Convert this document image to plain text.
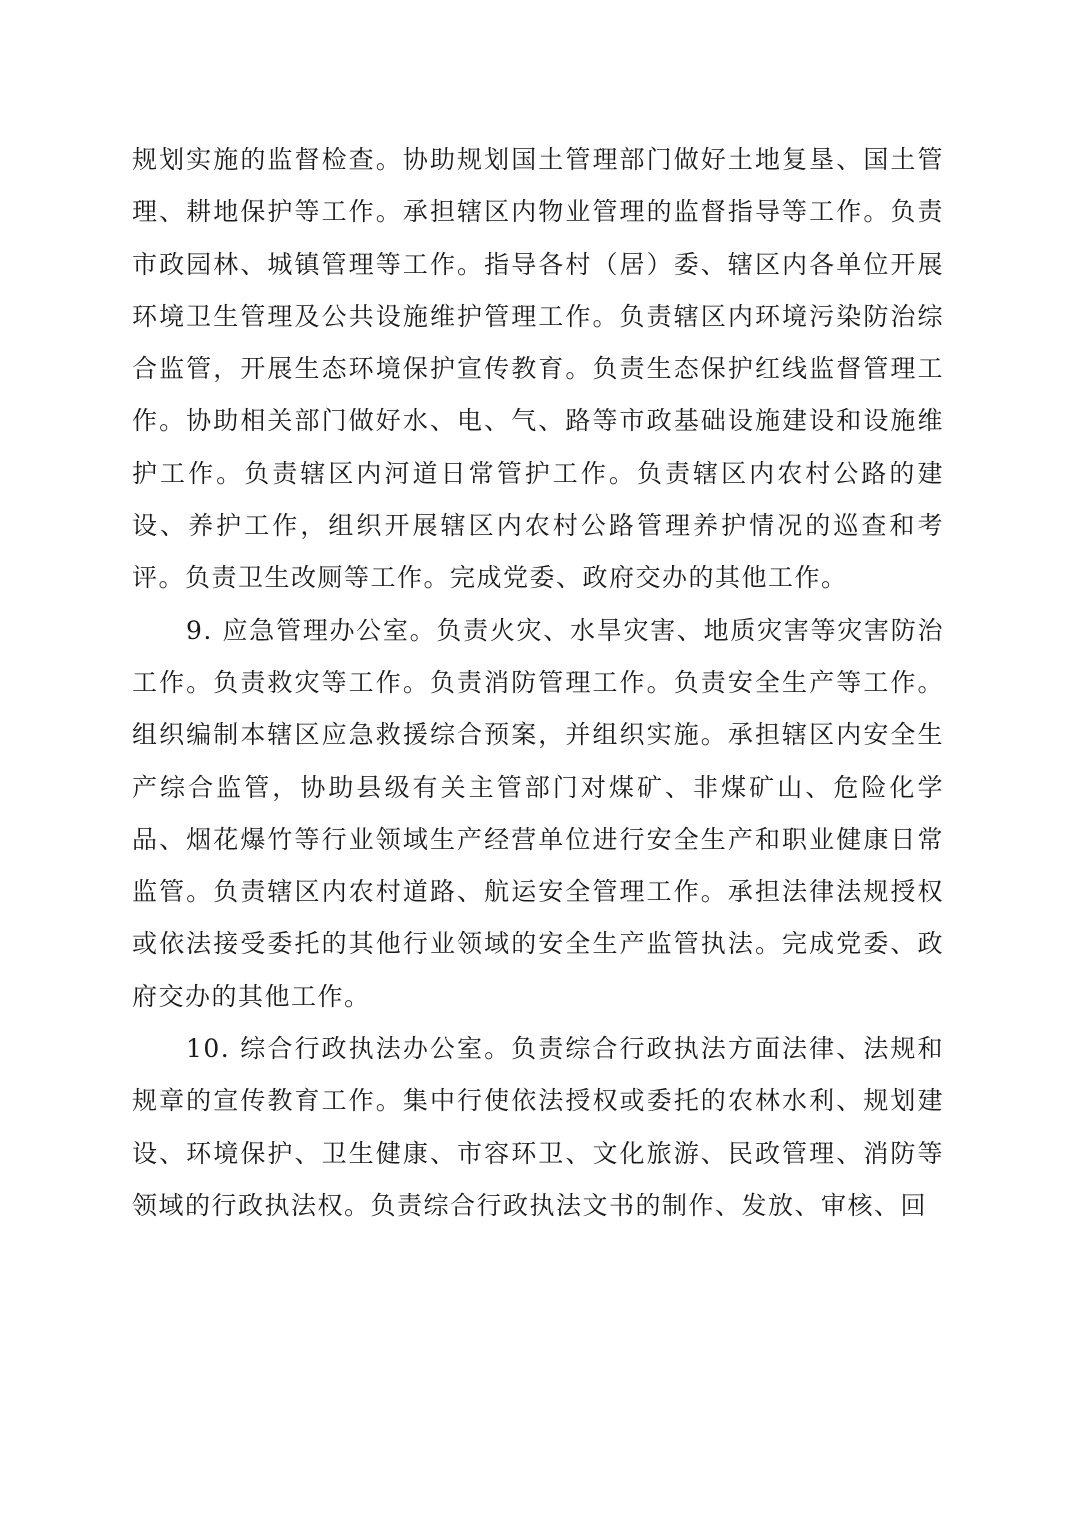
规划实施的监督检查。协助规划国土管理部门做好土地复垦、国土管理、耕地保护等工作。承担辖区内物业管理的监督指导等工作。负责市政园林、城镇管理等工作。指导各村（居）委、辖区内各单位开展环境卫生管理及公共设施维护管理工作。负责辖区内环境污染防治综合监管，开展生态环境保护宣传教育。负责生态保护红线监督管理工作。协助相关部门做好水、电、气、路等市政基础设施建设和设施维护工作。负责辖区内河道日常管护工作。负责辖区内农村公路的建设、养护工作，组织开展辖区内农村公路管理养护情况的巡查和考评。负责卫生改厕等工作。完成党委、政府交办的其他工作。

9. 应急管理办公室。负责火灾、水旱灾害、地质灾害等灾害防治工作。负责救灾等工作。负责消防管理工作。负责安全生产等工作。组织编制本辖区应急救援综合预案，并组织实施。承担辖区内安全生产综合监管，协助县级有关主管部门对煤矿、非煤矿山、危险化学品、烟花爆竹等行业领域生产经营单位进行安全生产和职业健康日常监管。负责辖区内农村道路、航运安全管理工作。承担法律法规授权或依法接受委托的其他行业领域的安全生产监管执法。完成党委、政府交办的其他工作。

10. 综合行政执法办公室。负责综合行政执法方面法律、法规和规章的宣传教育工作。集中行使依法授权或委托的农林水利、规划建设、环境保护、卫生健康、市容环卫、文化旅游、民政管理、消防等领域的行政执法权。负责综合行政执法文书的制作、发放、审核、回
